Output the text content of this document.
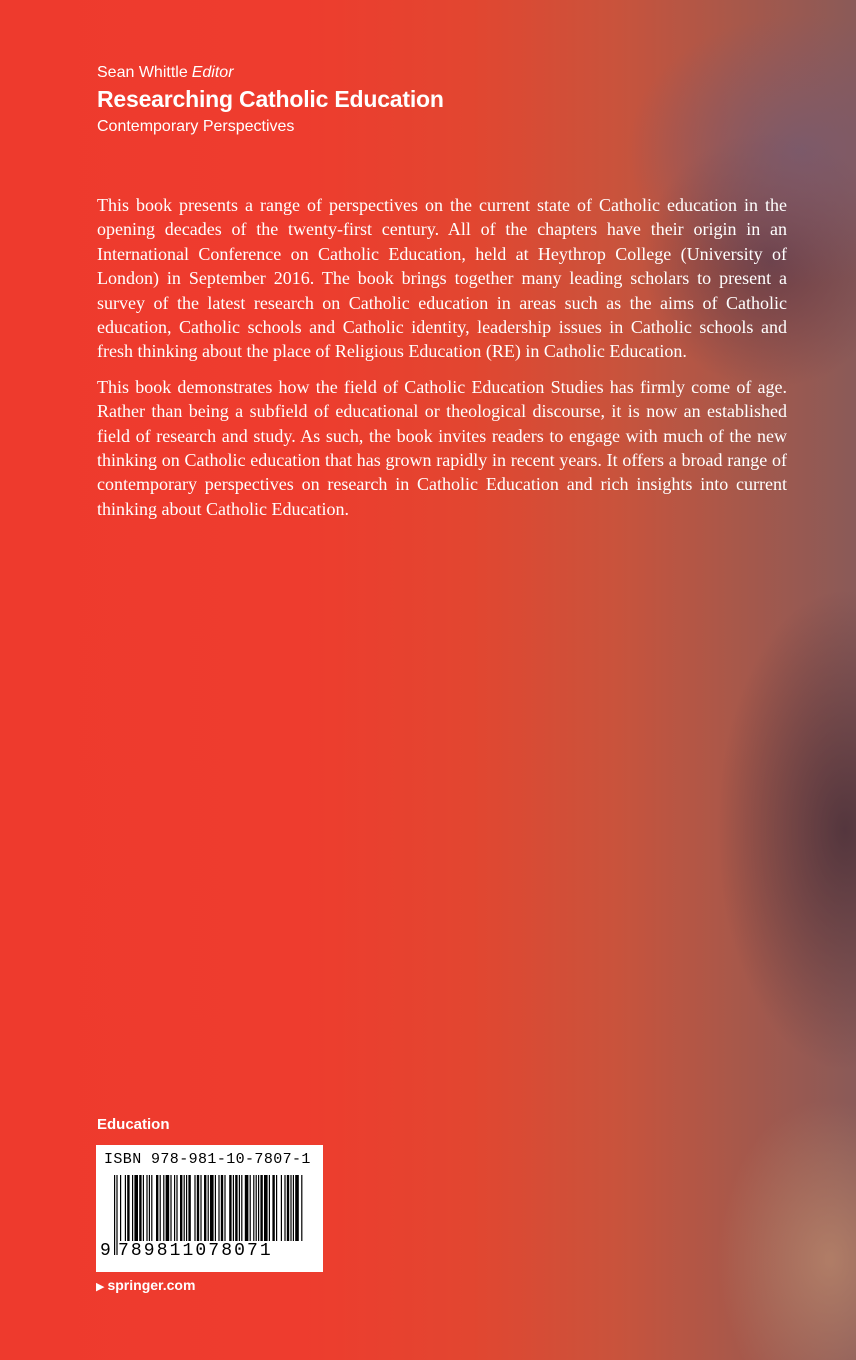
Sean Whittle Editor
Researching Catholic Education
Contemporary Perspectives

This book presents a range of perspectives on the current state of Catholic education in the opening decades of the twenty-first century. All of the chapters have their origin in an International Conference on Catholic Education, held at Heythrop College (University of London) in September 2016. The book brings together many leading scholars to present a survey of the latest research on Catholic education in areas such as the aims of Catholic education, Catholic schools and Catholic identity, leadership issues in Catholic schools and fresh thinking about the place of Religious Education (RE) in Catholic Education.

This book demonstrates how the field of Catholic Education Studies has firmly come of age. Rather than being a subfield of educational or theological discourse, it is now an established field of research and study. As such, the book invites readers to engage with much of the new thinking on Catholic education that has grown rapidly in recent years. It offers a broad range of contemporary perspectives on research in Catholic Education and rich insights into current thinking about Catholic Education.

Education
ISBN 978-981-10-7807-1
9 789811078071
▶ springer.com
